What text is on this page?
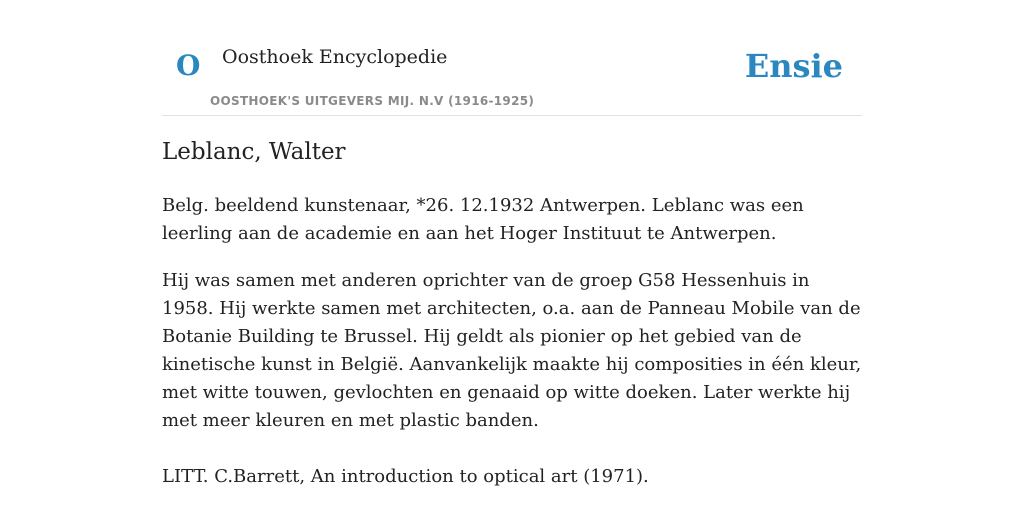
O Oosthoek Encyclopedie
OOSTHOEK'S UITGEVERS MIJ. N.V (1916-1925)
Ensie
Leblanc, Walter

Belg. beeldend kunstenaar, *26. 12.1932 Antwerpen. Leblanc was een leerling aan de academie en aan het Hoger Instituut te Antwerpen.

Hij was samen met anderen oprichter van de groep G58 Hessenhuis in 1958. Hij werkte samen met architecten, o.a. aan de Panneau Mobile van de Botanie Building te Brussel. Hij geldt als pionier op het gebied van de kinetische kunst in België. Aanvankelijk maakte hij composities in één kleur, met witte touwen, gevlochten en genaaid op witte doeken. Later werkte hij met meer kleuren en met plastic banden.

LITT. C.Barrett, An introduction to optical art (1971).
